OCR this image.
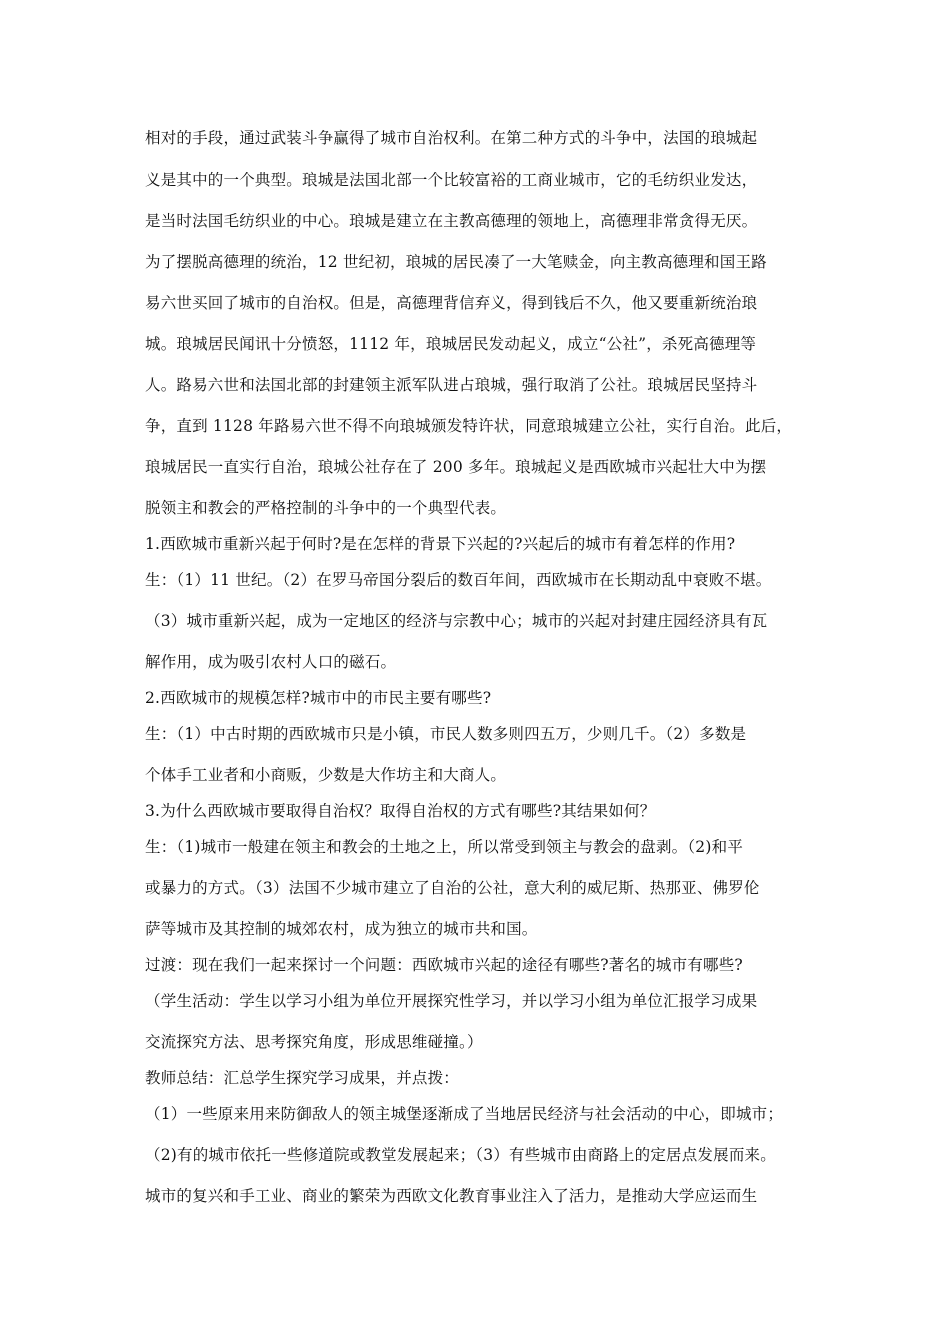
相对的手段，通过武装斗争赢得了城市自治权利。在第二种方式的斗争中，法国的琅城起
义是其中的一个典型。琅城是法国北部一个比较富裕的工商业城市，它的毛纺织业发达，
是当时法国毛纺织业的中心。琅城是建立在主教高德理的领地上，高德理非常贪得无厌。
为了摆脱高德理的统治，12 世纪初，琅城的居民凑了一大笔赎金，向主教高德理和国王路
易六世买回了城市的自治权。但是，高德理背信弃义，得到钱后不久，他又要重新统治琅
城。琅城居民闻讯十分愤怒，1112 年，琅城居民发动起义，成立“公社”，杀死高德理等
人。路易六世和法国北部的封建领主派军队进占琅城，强行取消了公社。琅城居民坚持斗
争，直到 1128 年路易六世不得不向琅城颁发特许状，同意琅城建立公社，实行自治。此后，
琅城居民一直实行自治，琅城公社存在了 200 多年。琅城起义是西欧城市兴起壮大中为摆
脱领主和教会的严格控制的斗争中的一个典型代表。
1.西欧城市重新兴起于何时?是在怎样的背景下兴起的?兴起后的城市有着怎样的作用?
生：（1）11 世纪。（2）在罗马帝国分裂后的数百年间，西欧城市在长期动乱中衰败不堪。
（3）城市重新兴起，成为一定地区的经济与宗教中心；城市的兴起对封建庄园经济具有瓦
解作用，成为吸引农村人口的磁石。
2.西欧城市的规模怎样?城市中的市民主要有哪些?
生：（1）中古时期的西欧城市只是小镇，市民人数多则四五万，少则几千。（2）多数是
个体手工业者和小商贩，少数是大作坊主和大商人。
3.为什么西欧城市要取得自治权？取得自治权的方式有哪些?其结果如何？
生：（1)城市一般建在领主和教会的土地之上，所以常受到领主与教会的盘剥。（2)和平
或暴力的方式。（3）法国不少城市建立了自治的公社，意大利的威尼斯、热那亚、佛罗伦
萨等城市及其控制的城郊农村，成为独立的城市共和国。
过渡：现在我们一起来探讨一个问题：西欧城市兴起的途径有哪些?著名的城市有哪些?
（学生活动：学生以学习小组为单位开展探究性学习，并以学习小组为单位汇报学习成果
交流探究方法、思考探究角度，形成思维碰撞。）
教师总结：汇总学生探究学习成果，并点拨：
（1）一些原来用来防御敌人的领主城堡逐渐成了当地居民经济与社会活动的中心，即城市；
（2)有的城市依托一些修道院或教堂发展起来；（3）有些城市由商路上的定居点发展而来。
城市的复兴和手工业、商业的繁荣为西欧文化教育事业注入了活力，是推动大学应运而生
